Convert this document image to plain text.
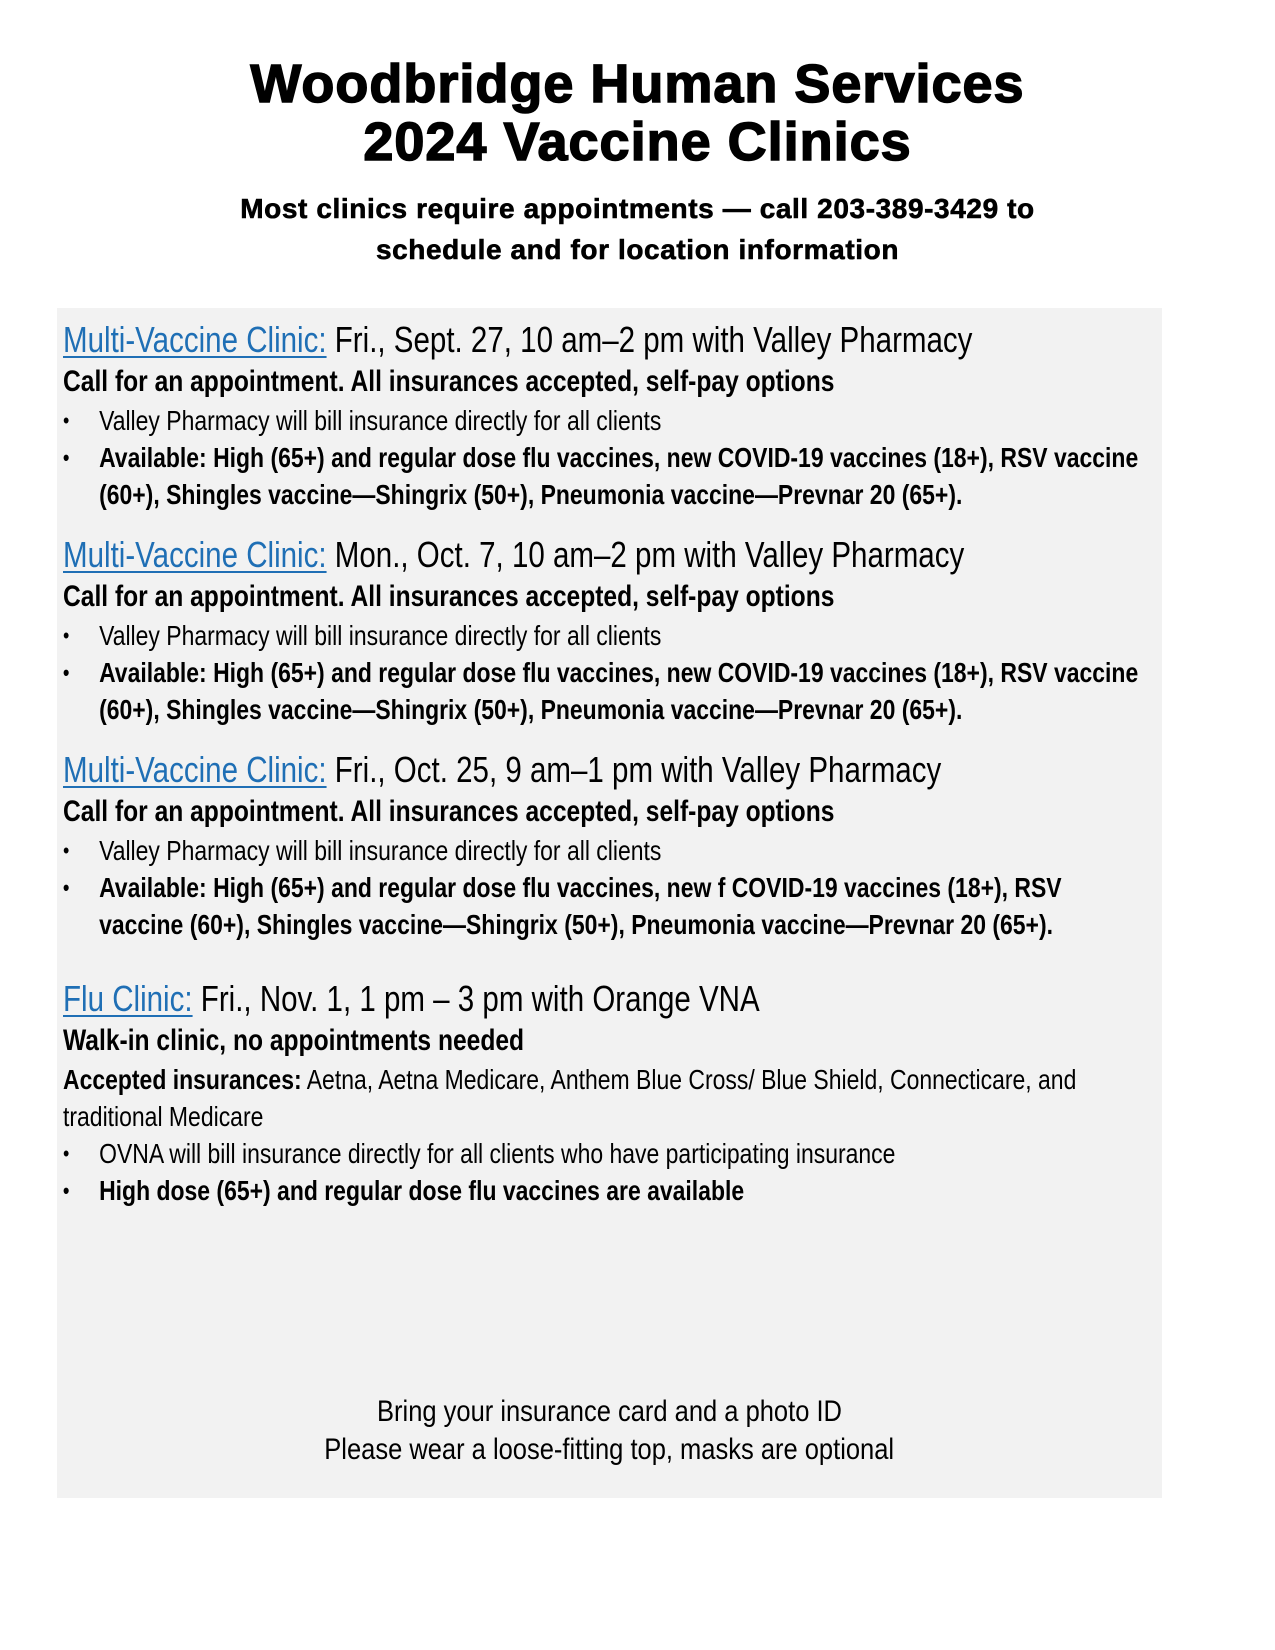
Woodbridge Human Services
2024 Vaccine Clinics
Most clinics require appointments — call 203-389-3429 to
schedule and for location information
Multi-Vaccine Clinic: Fri., Sept. 27, 10 am–2 pm with Valley Pharmacy
Call for an appointment. All insurances accepted, self-pay options
• Valley Pharmacy will bill insurance directly for all clients
• Available: High (65+) and regular dose flu vaccines, new COVID-19 vaccines (18+), RSV vaccine (60+), Shingles vaccine—Shingrix (50+), Pneumonia vaccine—Prevnar 20 (65+).
Multi-Vaccine Clinic: Mon., Oct. 7, 10 am–2 pm with Valley Pharmacy
Call for an appointment. All insurances accepted, self-pay options
• Valley Pharmacy will bill insurance directly for all clients
• Available: High (65+) and regular dose flu vaccines, new COVID-19 vaccines (18+), RSV vaccine (60+), Shingles vaccine—Shingrix (50+), Pneumonia vaccine—Prevnar 20 (65+).
Multi-Vaccine Clinic: Fri., Oct. 25, 9 am–1 pm with Valley Pharmacy
Call for an appointment. All insurances accepted, self-pay options
• Valley Pharmacy will bill insurance directly for all clients
• Available: High (65+) and regular dose flu vaccines, new f COVID-19 vaccines (18+), RSV vaccine (60+), Shingles vaccine—Shingrix (50+), Pneumonia vaccine—Prevnar 20 (65+).
Flu Clinic: Fri., Nov. 1, 1 pm – 3 pm with Orange VNA
Walk-in clinic, no appointments needed
Accepted insurances: Aetna, Aetna Medicare, Anthem Blue Cross/ Blue Shield, Connecticare, and traditional Medicare
• OVNA will bill insurance directly for all clients who have participating insurance
• High dose (65+) and regular dose flu vaccines are available
Bring your insurance card and a photo ID
Please wear a loose-fitting top, masks are optional
